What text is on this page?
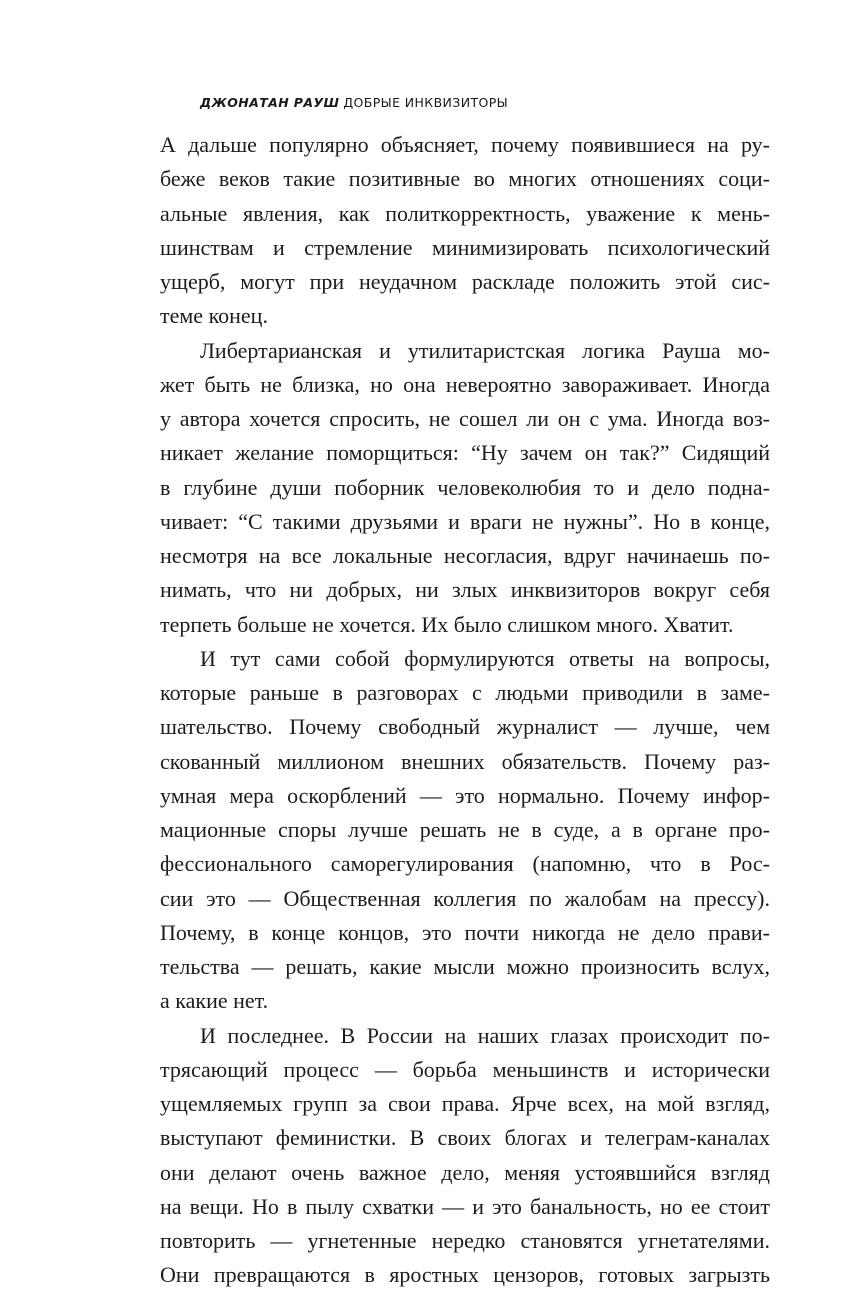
ДЖОНАТАН РАУШ ДОБРЫЕ ИНКВИЗИТОРЫ
А дальше популярно объясняет, почему появившиеся на ру-
беже веков такие позитивные во многих отношениях соци-
альные явления, как политкорректность, уважение к мень-
шинствам и стремление минимизировать психологический
ущерб, могут при неудачном раскладе положить этой сис-
теме конец.
Либертарианская и утилитаристская логика Рауша мо-
жет быть не близка, но она невероятно завораживает. Иногда
у автора хочется спросить, не сошел ли он с ума. Иногда воз-
никает желание поморщиться: “Ну зачем он так?” Сидящий
в глубине души поборник человеколюбия то и дело подна-
чивает: “С такими друзьями и враги не нужны”. Но в конце,
несмотря на все локальные несогласия, вдруг начинаешь по-
нимать, что ни добрых, ни злых инквизиторов вокруг себя
терпеть больше не хочется. Их было слишком много. Хватит.
И тут сами собой формулируются ответы на вопросы,
которые раньше в разговорах с людьми приводили в заме-
шательство. Почему свободный журналист — лучше, чем
скованный миллионом внешних обязательств. Почему раз-
умная мера оскорблений — это нормально. Почему инфор-
мационные споры лучше решать не в суде, а в органе про-
фессионального саморегулирования (напомню, что в Рос-
сии это — Общественная коллегия по жалобам на прессу).
Почему, в конце концов, это почти никогда не дело прави-
тельства — решать, какие мысли можно произносить вслух,
а какие нет.
И последнее. В России на наших глазах происходит по-
трясающий процесс — борьба меньшинств и исторически
ущемляемых групп за свои права. Ярче всех, на мой взгляд,
выступают феминистки. В своих блогах и телеграм-каналах
они делают очень важное дело, меняя устоявшийся взгляд
на вещи. Но в пылу схватки — и это банальность, но ее стоит
повторить — угнетенные нередко становятся угнетателями.
Они превращаются в яростных цензоров, готовых загрызть
